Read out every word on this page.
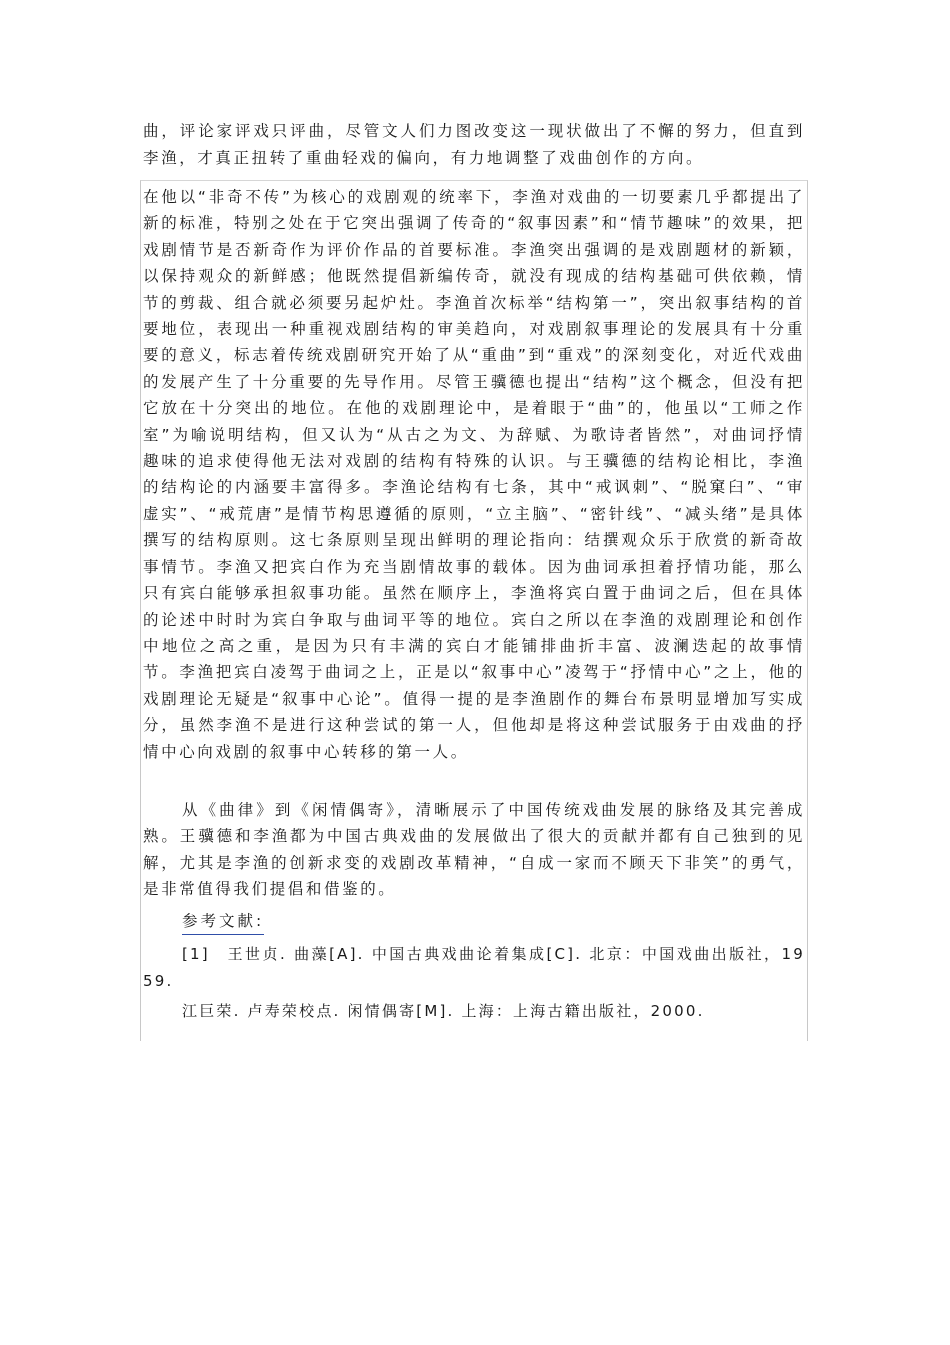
曲，评论家评戏只评曲，尽管文人们力图改变这一现状做出了不懈的努力，但直到李渔，才真正扭转了重曲轻戏的偏向，有力地调整了戏曲创作的方向。

在他以“非奇不传”为核心的戏剧观的统率下，李渔对戏曲的一切要素几乎都提出了新的标准，特别之处在于它突出强调了传奇的“叙事因素”和“情节趣味”的效果，把戏剧情节是否新奇作为评价作品的首要标准。李渔突出强调的是戏剧题材的新颖，以保持观众的新鲜感；他既然提倡新编传奇，就没有现成的结构基础可供依赖，情节的剪裁、组合就必须要另起炉灶。李渔首次标举“结构第一”，突出叙事结构的首要地位，表现出一种重视戏剧结构的审美趋向，对戏剧叙事理论的发展具有十分重要的意义，标志着传统戏剧研究开始了从“重曲”到“重戏”的深刻变化，对近代戏曲的发展产生了十分重要的先导作用。尽管王骥德也提出“结构”这个概念，但没有把它放在十分突出的地位。在他的戏剧理论中，是着眼于“曲”的，他虽以“工师之作室”为喻说明结构，但又认为“从古之为文、为辞赋、为歌诗者皆然”，对曲词抒情趣味的追求使得他无法对戏剧的结构有特殊的认识。与王骥德的结构论相比，李渔的结构论的内涵要丰富得多。李渔论结构有七条，其中“戒讽刺”、“脱窠臼”、“审虚实”、“戒荒唐”是情节构思遵循的原则，“立主脑”、“密针线”、“减头绪”是具体撰写的结构原则。这七条原则呈现出鲜明的理论指向：结撰观众乐于欣赏的新奇故事情节。李渔又把宾白作为充当剧情故事的载体。因为曲词承担着抒情功能，那么只有宾白能够承担叙事功能。虽然在顺序上，李渔将宾白置于曲词之后，但在具体的论述中时时为宾白争取与曲词平等的地位。宾白之所以在李渔的戏剧理论和创作中地位之高之重，是因为只有丰满的宾白才能铺排曲折丰富、波澜迭起的故事情节。李渔把宾白凌驾于曲词之上，正是以“叙事中心”凌驾于“抒情中心”之上，他的戏剧理论无疑是“叙事中心论”。值得一提的是李渔剧作的舞台布景明显增加写实成分，虽然李渔不是进行这种尝试的第一人，但他却是将这种尝试服务于由戏曲的抒情中心向戏剧的叙事中心转移的第一人。

从《曲律》到《闲情偶寄》，清晰展示了中国传统戏曲发展的脉络及其完善成熟。王骥德和李渔都为中国古典戏曲的发展做出了很大的贡献并都有自己独到的见解，尤其是李渔的创新求变的戏剧改革精神，“自成一家而不顾天下非笑”的勇气，是非常值得我们提倡和借鉴的。

参考文献:

[1]　王世贞. 曲藻[A]. 中国古典戏曲论着集成[C]. 北京：中国戏曲出版社，1959.

江巨荣. 卢寿荣校点. 闲情偶寄[M]. 上海：上海古籍出版社，2000.
